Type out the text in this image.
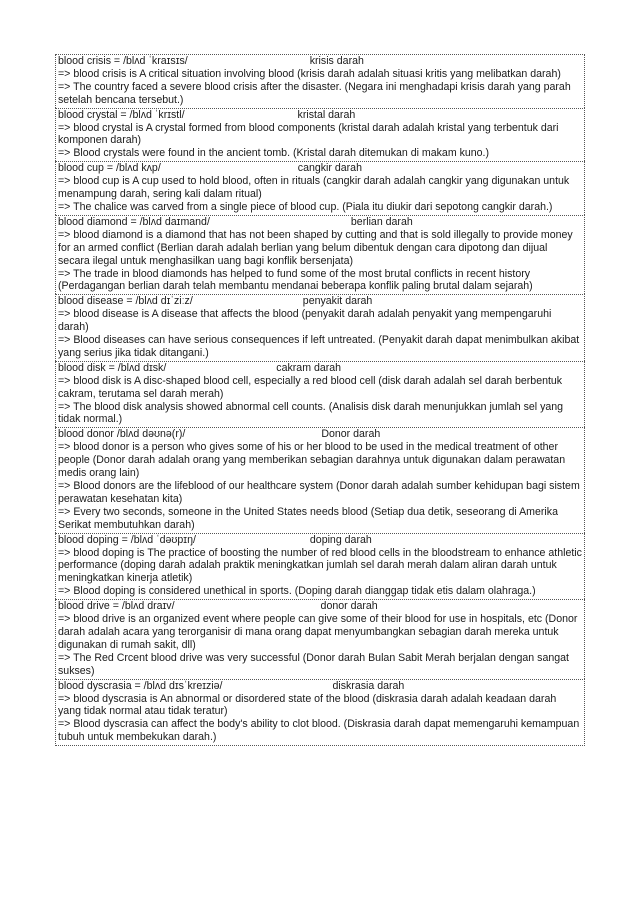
blood crisis = /blʌd ˈkraɪsɪs/	krisis darah
=> blood crisis is A critical situation involving blood (krisis darah adalah situasi kritis yang melibatkan darah)
=> The country faced a severe blood crisis after the disaster. (Negara ini menghadapi krisis darah yang parah setelah bencana tersebut.)
blood crystal = /blʌd ˈkrɪstl/	kristal darah
=> blood crystal is A crystal formed from blood components (kristal darah adalah kristal yang terbentuk dari komponen darah)
=> Blood crystals were found in the ancient tomb. (Kristal darah ditemukan di makam kuno.)
blood cup = /blʌd kʌp/	cangkir darah
=> blood cup is A cup used to hold blood, often in rituals (cangkir darah adalah cangkir yang digunakan untuk menampung darah, sering kali dalam ritual)
=> The chalice was carved from a single piece of blood cup. (Piala itu diukir dari sepotong cangkir darah.)
blood diamond = /blʌd daɪmand/	berlian darah
=> blood diamond is a diamond that has not been shaped by cutting and that is sold illegally to provide money for an armed conflict (Berlian darah adalah berlian yang belum dibentuk dengan cara dipotong dan dijual secara ilegal untuk menghasilkan uang bagi konflik bersenjata)
=> The trade in blood diamonds has helped to fund some of the most brutal conflicts in recent history (Perdagangan berlian darah telah membantu mendanai beberapa konflik paling brutal dalam sejarah)
blood disease = /blʌd dɪˈziːz/	penyakit darah
=> blood disease is A disease that affects the blood (penyakit darah adalah penyakit yang mempengaruhi darah)
=> Blood diseases can have serious consequences if left untreated. (Penyakit darah dapat menimbulkan akibat yang serius jika tidak ditangani.)
blood disk = /blʌd dɪsk/	cakram darah
=> blood disk is A disc-shaped blood cell, especially a red blood cell (disk darah adalah sel darah berbentuk cakram, terutama sel darah merah)
=> The blood disk analysis showed abnormal cell counts. (Analisis disk darah menunjukkan jumlah sel yang tidak normal.)
blood donor /blʌd dəʊnə(r)/	Donor darah
=> blood donor is a person who gives some of his or her blood to be used in the medical treatment of other people (Donor darah adalah orang yang memberikan sebagian darahnya untuk digunakan dalam perawatan medis orang lain)
=> Blood donors are the lifeblood of our healthcare system (Donor darah adalah sumber kehidupan bagi sistem perawatan kesehatan kita)
=> Every two seconds, someone in the United States needs blood (Setiap dua detik, seseorang di Amerika Serikat membutuhkan darah)
blood doping = /blʌd ˈdəʊpɪŋ/	doping darah
=> blood doping is The practice of boosting the number of red blood cells in the bloodstream to enhance athletic performance (doping darah adalah praktik meningkatkan jumlah sel darah merah dalam aliran darah untuk meningkatkan kinerja atletik)
=> Blood doping is considered unethical in sports. (Doping darah dianggap tidak etis dalam olahraga.)
blood drive = /blʌd draɪv/	donor darah
=> blood drive is an organized event where people can give some of their blood for use in hospitals, etc (Donor darah adalah acara yang terorganisir di mana orang dapat menyumbangkan sebagian darah mereka untuk digunakan di rumah sakit, dll)
=> The Red Crcent blood drive was very successful (Donor darah Bulan Sabit Merah berjalan dengan sangat sukses)
blood dyscrasia = /blʌd dɪsˈkreɪziə/	diskrasia darah
=> blood dyscrasia is An abnormal or disordered state of the blood (diskrasia darah adalah keadaan darah yang tidak normal atau tidak teratur)
=> Blood dyscrasia can affect the body's ability to clot blood. (Diskrasia darah dapat memengaruhi kemampuan tubuh untuk membekukan darah.)
